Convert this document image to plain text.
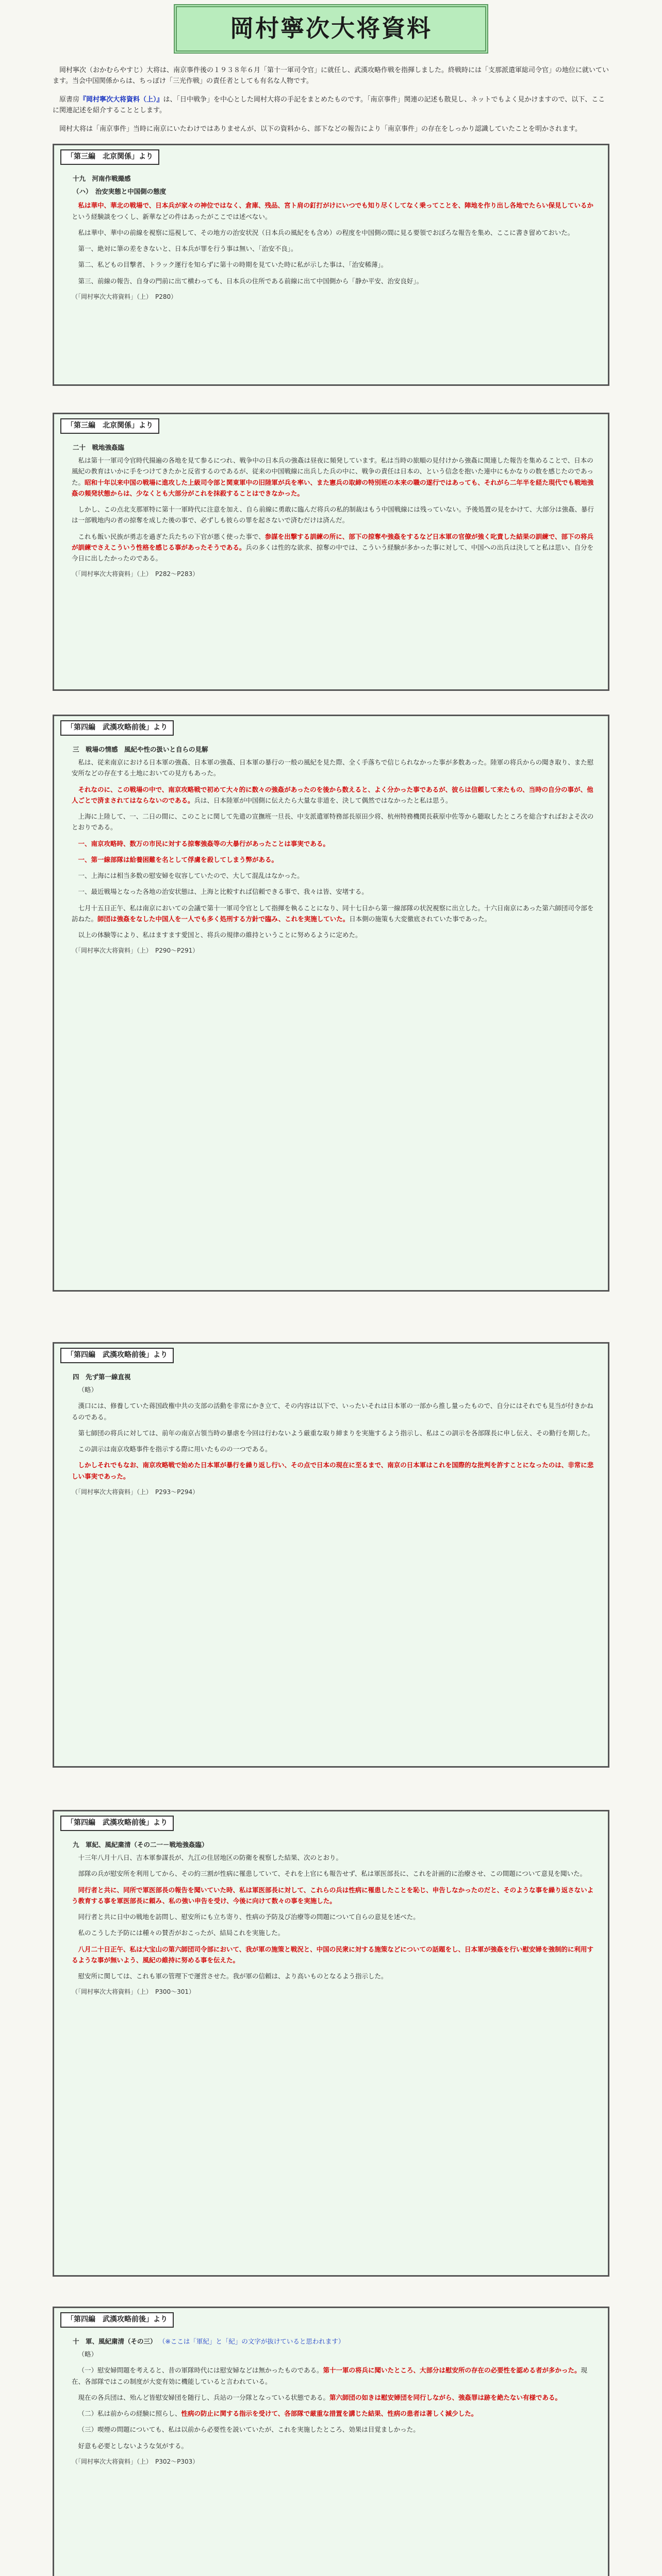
岡村寧次大将資料

岡村寧次（おかむらやすじ）大将は、南京事件後の１９３８年６月「第十一軍司令官」に就任し、武漢攻略作戦を指揮しました。終戦時には「支那派遣軍総司令官」の地位に就いています。当会中国関係からは、ちっぽけ「三光作戦」の責任者としても有名な人物です。

原書房『岡村寧次大将資料（上）』は、「日中戦争」を中心とした岡村大将の手記をまとめたものです。「南京事件」関連の記述も散見し、ネットでもよく見かけますので、以下、ここに関連記述を紹介することとします。

岡村大将は「南京事件」当時に南京にいたわけではありませんが、以下の資料から、部下などの報告により「南京事件」の存在をしっかり認識していたことを明かされます。

「第三編　北京関係」より
十九　河南作戦撮感
（ハ）　治安実態と中国側の態度

私は華中、華北の戦場で、日本兵が家々の神位ではなく、倉庫、残品、宮ト肩の釘打がけにいつでも知り尽くしてなく乗ってことを、陣地を作り出し各地でたらい保見しているかという経験談をつくし、新華などの件はあったがここでは述べない。

私は華中、華中の前線を視察に巡視して、その地方の治安状況（日本兵の風紀をも含め）の程度を中国側の間に見る要領でおぼろな報告を集め、ここに書き留めておいた。

第一、絶対に筆の差をきないと、日本兵が罪を行う事は無い、「治安不良」。

第二、私どもの目撃者、トラック運行を知らずに第十の時期を見ていた時に私が示した事は、「治安稀薄」。

第三、前線の報告、自身の門前に出て横わっても、日本兵の住所である前線に出て中国側から「静か平安、治安良好」。

（「岡村寧次大将資料」（上）　P280）
「第三編　北京関係」より
二十　戦地強姦臨

私は第十一軍司令官時代揚遍の各地を見て参るにつれ、戦争中の日本兵の強姦は昼夜に頻発しています。私は当時の旅順の見付けから強姦に関連した報告を集めることで、日本の風紀の教育はいかに手をつけてきたかと反省するのであるが、従来の中国戦線に出兵した兵の中に、戦争の責任は日本の、という信念を抱いた連中にもかなりの数を感じたのであった。昭和十年以来中国の戦場に進攻した上級司令部と関東軍中の旧陸軍が兵を率い、また憲兵の取締の特別班の本来の職の遂行ではあっても、それがら二年半を経た現代でも戦地強姦の頻発状態からは、少なくとも大部分がこれを抹殺することはできなかった。

しかし、この点北支那軍特に第十一軍時代に注意を加え、自ら前線に勇敢に臨んだ将兵の私的制裁はもう中国戦線には残っていない。予後処置の見をかけて、大部分は強姦、暴行は一部戦地内の者の掠奪を成した後の事で、必ずしも彼らの罪を起さないで済むだけは済んだ。

これも飯い民族が勇志を過ぎた兵たちの下官が悪く使った事で、参謀を出撃する訓練の所に、部下の掠奪や強姦をするなど日本軍の官僚が強く叱責した結果の訓練で、部下の将兵が訓練でさえこういう性格を感じる事があったそうである。兵の多くは性的な欲求、掠奪の中では、こういう経験が多かった事に対して、中国への出兵は決してと私は思い、自分を今日に出したかったのである。

（「岡村寧次大将資料」（上）　P282～P283）
「第四編　武漢攻略前後」より
三　戦場の情感　風紀や性の扱いと自らの見解

私は、従来南京における日本軍の強姦、日本軍の強姦、日本軍の暴行の一般の風紀を見た際、全く手落ちで信じられなかった事が多数あった。陸軍の将兵からの聞き取り、また慰安所などの存在する土地においての見方もあった。

それなのに、この戦場の中で、南京攻略戦で初めて大々的に数々の強姦があったのを後から数えると、よく分かった事であるが、彼らは信頼して来たもの、当時の自分の事が、他人ごとで済まされてはならないのである。兵は、日本陸軍が中国側に伝えたら大量な非道を、決して偶然ではなかったと私は思う。

上海に上陸して、一、二日の間に、このことに関して先遣の宣撫班一旦長、中支派遣軍特務部長原田少将、杭州特務機関長萩原中佐等から聴取したところを総合すればおよそ次のとおりである。

一、南京攻略時、数万の市民に対する掠奪強姦等の大暴行があったことは事実である。

一、第一線部隊は給養困難を名として俘虜を殺してしまう弊がある。

一、上海には相当多数の慰安婦を収容していたので、大して混乱はなかった。

一、最近戦場となった各地の治安状態は、上海と比較すれば信頼できる事で、我々は皆、安堵する。

七月十五日正午、私は南京においての会議で第十一軍司令官として指揮を執ることになり、同十七日から第一線部隊の状況視察に出立した。十六日南京にあった第六師団司令部を訪ねた。師団は強姦をなした中国人を一人でも多く処刑する方針で臨み、これを実施していた。日本側の施策も大変徹底されていた事であった。

以上の体験等により、私はますます愛国と、将兵の規律の維持ということに努めるように定めた。

（「岡村寧次大将資料」（上）　P290～P291）
「第四編　武漢攻略前後」より
四　先ず第一線直視

（略）

漢口には、修養していた蒋国政権中共の支部の活動を非常にかき立て、その内容は以下で、いったいそれは日本軍の一部から推し量ったもので、自分にはそれでも見当が付きかねるのである。

第七師団の将兵に対しては、前年の南京占領当時の暴虐を今回は行わないよう厳重な取り締まりを実施するよう指示し、私はこの訓示を各部隊長に申し伝え、その勤行を期した。

この訓示は南京攻略事件を指示する際に用いたものの一つである。

しかしそれでもなお、南京攻略戦で始めた日本軍が暴行を繰り返し行い、その点で日本の現在に至るまで、南京の日本軍はこれを国際的な批判を許すことになったのは、非常に悲しい事実であった。

（「岡村寧次大将資料」（上）　P293～P294）
「第四編　武漢攻略前後」より
九　軍紀、風紀粛清（その二一－戦地強姦臨）

十三年八月十八日、吉本軍参謀長が、九江の住居地区の防衛を視察した結果、次のとおり。

部隊の兵が慰安所を利用してから、その約三割が性病に罹患していて、それを上官にも報告せず、私は軍医部長に、これを計画的に治療させ、この間題について意見を聞いた。

同行者と共に、同所で軍医部長の報告を聞いていた時、私は軍医部長に対して、これらの兵は性病に罹患したことを恥じ、申告しなかったのだと、そのような事を繰り返さないよう教育する事を軍医部長に頼み、私の強い申告を受け、今後に向けて数々の事を実施した。

同行者と共に日中の戦地を訪問し、慰安所にも立ち寄り、性病の予防及び治療等の問題について自らの意見を述べた。

私のこうした予防には種々の賛否がおこったが、結局これを実施した。

八月二十日正午、私は大宝山の第六師団司令部において、我が軍の施策と戦況と、中国の民衆に対する施策などについての話題をし、日本軍が強姦を行い慰安婦を強制的に利用するような事が無いよう、風紀の維持に努める事を伝えた。

慰安所に関しては、これも軍の管理下で運営させた。我が軍の信頼は、より高いものとなるよう指示した。

（「岡村寧次大将資料」（上）　P300～301）
「第四編　武漢攻略前後」より
十　軍、風紀粛清（その三） （※ここは「軍紀」と「紀」の文字が抜けていると思われます）

（略）

（一）慰安婦問題を考えると、昔の軍隊時代には慰安婦などは無かったものである。第十一軍の将兵に聞いたところ、大部分は慰安所の存在の必要性を認める者が多かった。現在、各部隊ではこの制度が大変有効に機能していると言われている。

現在の各兵団は、殆んど皆慰安婦団を随行し、兵站の一分隊となっている状態である。第六師団の如きは慰安婦団を同行しながら、強姦罪は跡を絶たない有様である。

（二）私は前からの経験に照らし、性病の防止に関する指示を受けて、各部隊で厳重な措置を講じた結果、性病の患者は著しく減少した。

（三）喫煙の問題についても、私は以前から必要性を説いていたが、これを実施したところ、効果は目覚ましかった。

好意も必要としないような気がする。

（「岡村寧次大将資料」（上）　P302～P303）
